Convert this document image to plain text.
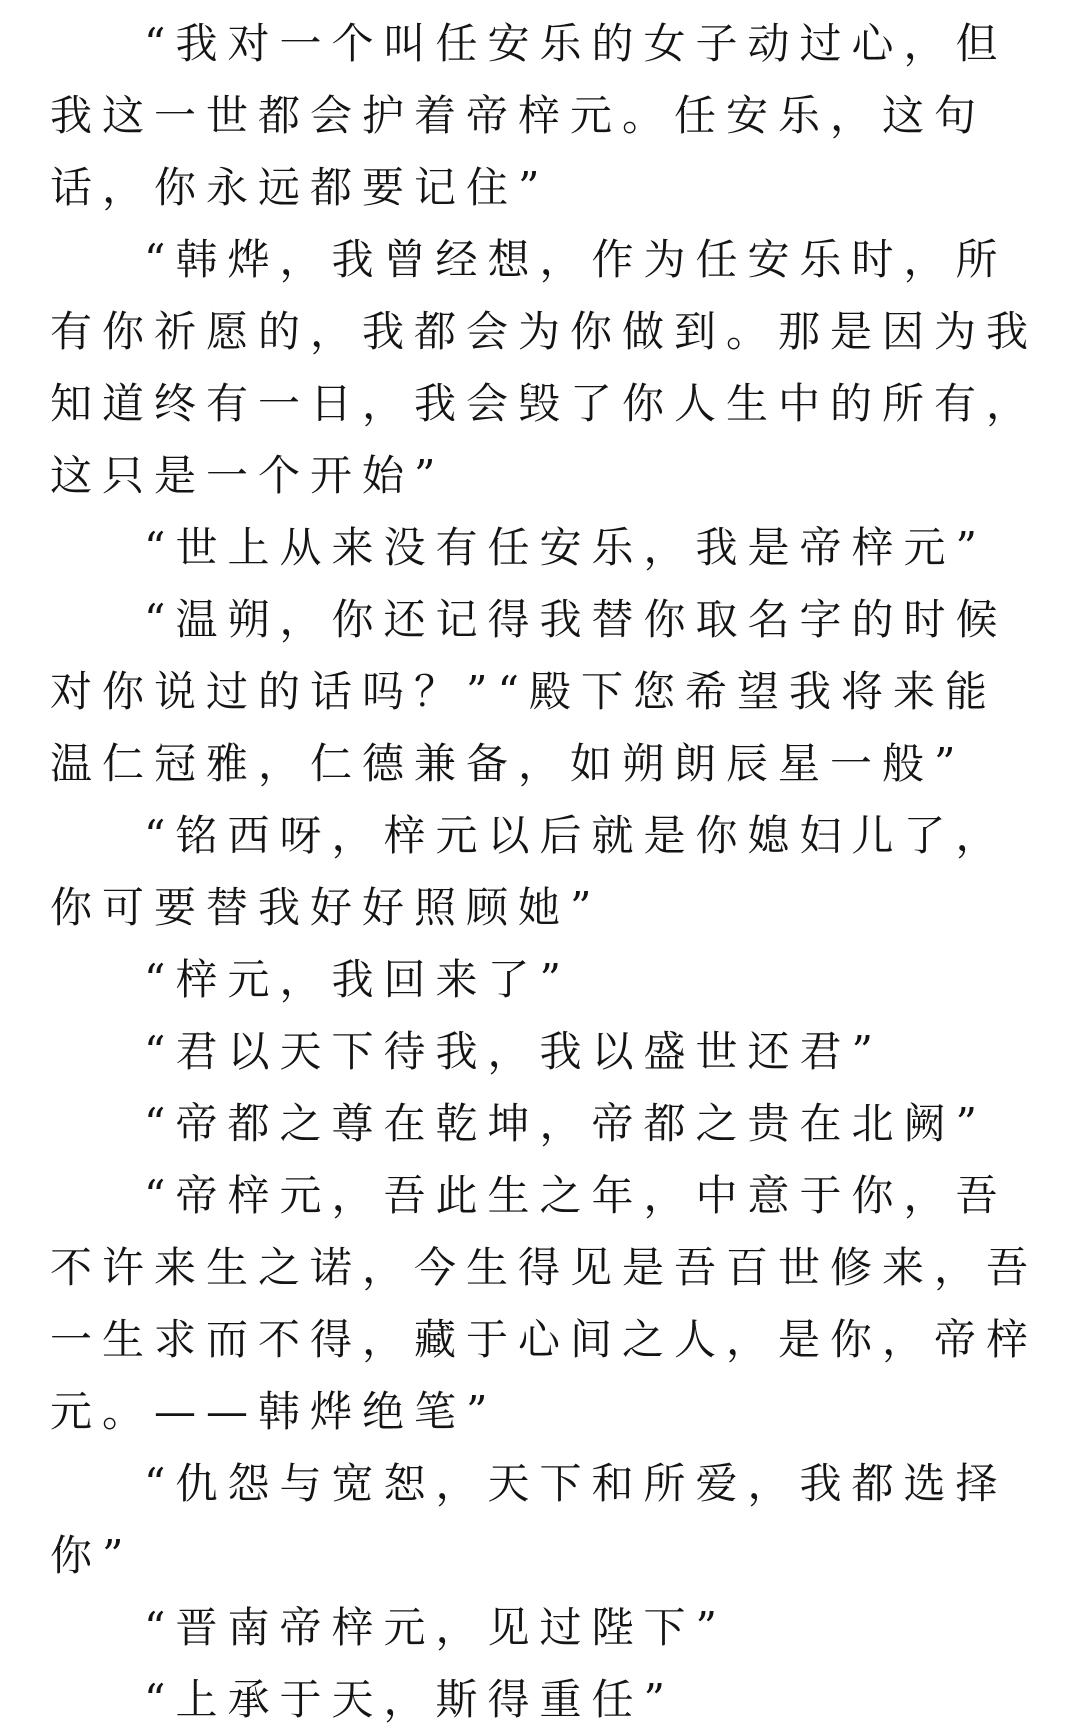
“我对一个叫任安乐的女子动过心，但我这一世都会护着帝梓元。任安乐，这句话，你永远都要记住”

“韩烨，我曾经想，作为任安乐时，所有你祈愿的，我都会为你做到。那是因为我知道终有一日，我会毁了你人生中的所有，这只是一个开始”

“世上从来没有任安乐，我是帝梓元”

“温朔，你还记得我替你取名字的时候对你说过的话吗？”“殿下您希望我将来能温仁冠雅，仁德兼备，如朔朗辰星一般”

“铭西呀，梓元以后就是你媳妇儿了，你可要替我好好照顾她”

“梓元，我回来了”

“君以天下待我，我以盛世还君”

“帝都之尊在乾坤，帝都之贵在北阙”

“帝梓元，吾此生之年，中意于你，吾不许来生之诺，今生得见是吾百世修来，吾一生求而不得，藏于心间之人，是你，帝梓元。——韩烨绝笔”

“仇怨与宽恕，天下和所爱，我都选择你”

“晋南帝梓元，见过陛下”

“上承于天，斯得重任”
